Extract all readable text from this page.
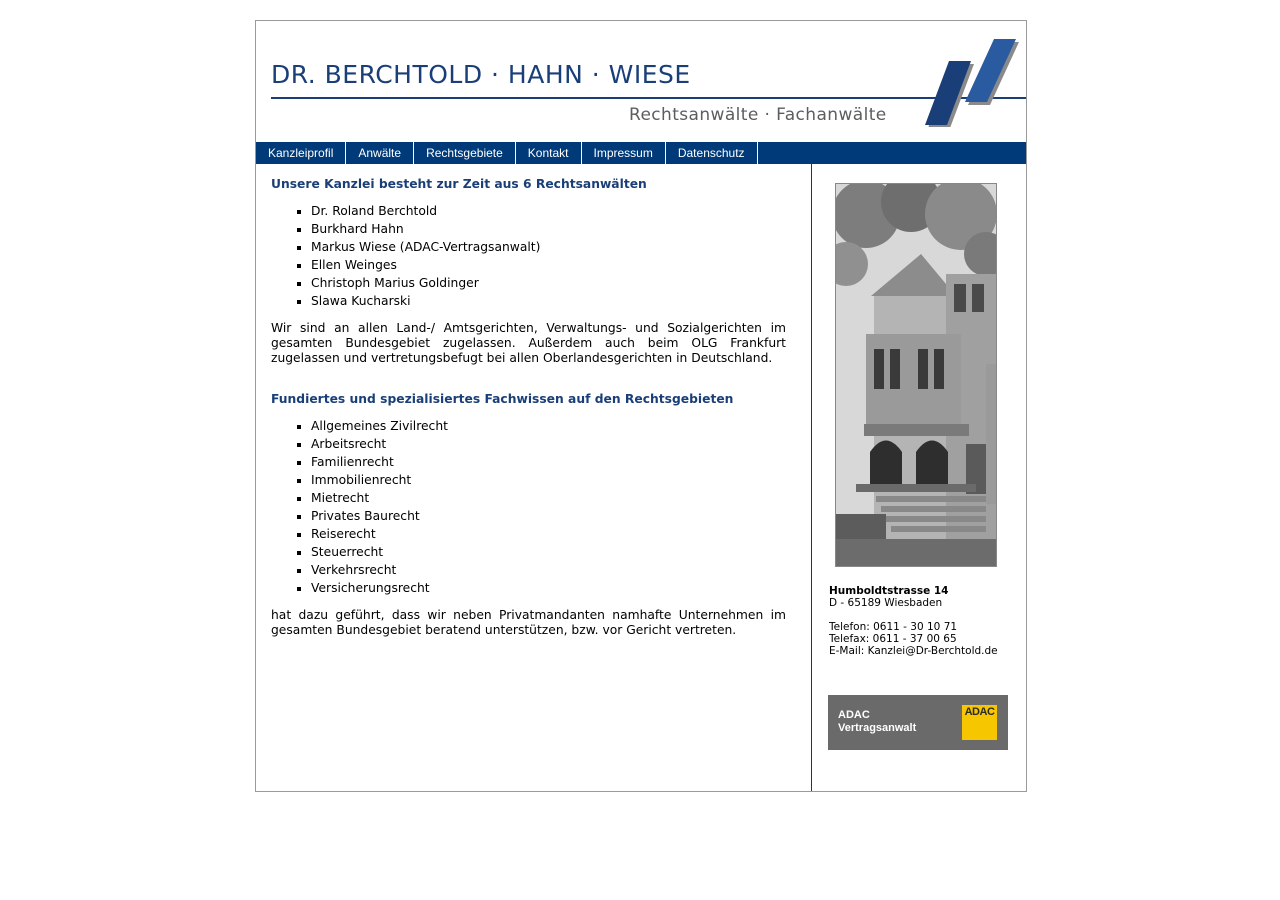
DR. BERCHTOLD · HAHN · WIESE
Rechtsanwälte · Fachanwälte
Kanzleiprofil	Anwälte	Rechtsgebiete	Kontakt	Impressum	Datenschutz
Unsere Kanzlei besteht zur Zeit aus 6 Rechtsanwälten
▪ Dr. Roland Berchtold
▪ Burkhard Hahn
▪ Markus Wiese (ADAC-Vertragsanwalt)
▪ Ellen Weinges
▪ Christoph Marius Goldinger
▪ Slawa Kucharski

Wir sind an allen Land-/ Amtsgerichten, Verwaltungs- und Sozialgerichten im gesamten Bundesgebiet zugelassen. Außerdem auch beim OLG Frankfurt zugelassen und vertretungsbefugt bei allen Oberlandesgerichten in Deutschland.

Fundiertes und spezialisiertes Fachwissen auf den Rechtsgebieten
▪ Allgemeines Zivilrecht
▪ Arbeitsrecht
▪ Familienrecht
▪ Immobilienrecht
▪ Mietrecht
▪ Privates Baurecht
▪ Reiserecht
▪ Steuerrecht
▪ Verkehrsrecht
▪ Versicherungsrecht

hat dazu geführt, dass wir neben Privatmandanten namhafte Unternehmen im gesamten Bundesgebiet beratend unterstützen, bzw. vor Gericht vertreten.

Humboldtstrasse 14
D - 65189 Wiesbaden
Telefon: 0611 - 30 10 71
Telefax: 0611 - 37 00 65
E-Mail: Kanzlei@Dr-Berchtold.de
ADAC
Vertragsanwalt
ADAC
